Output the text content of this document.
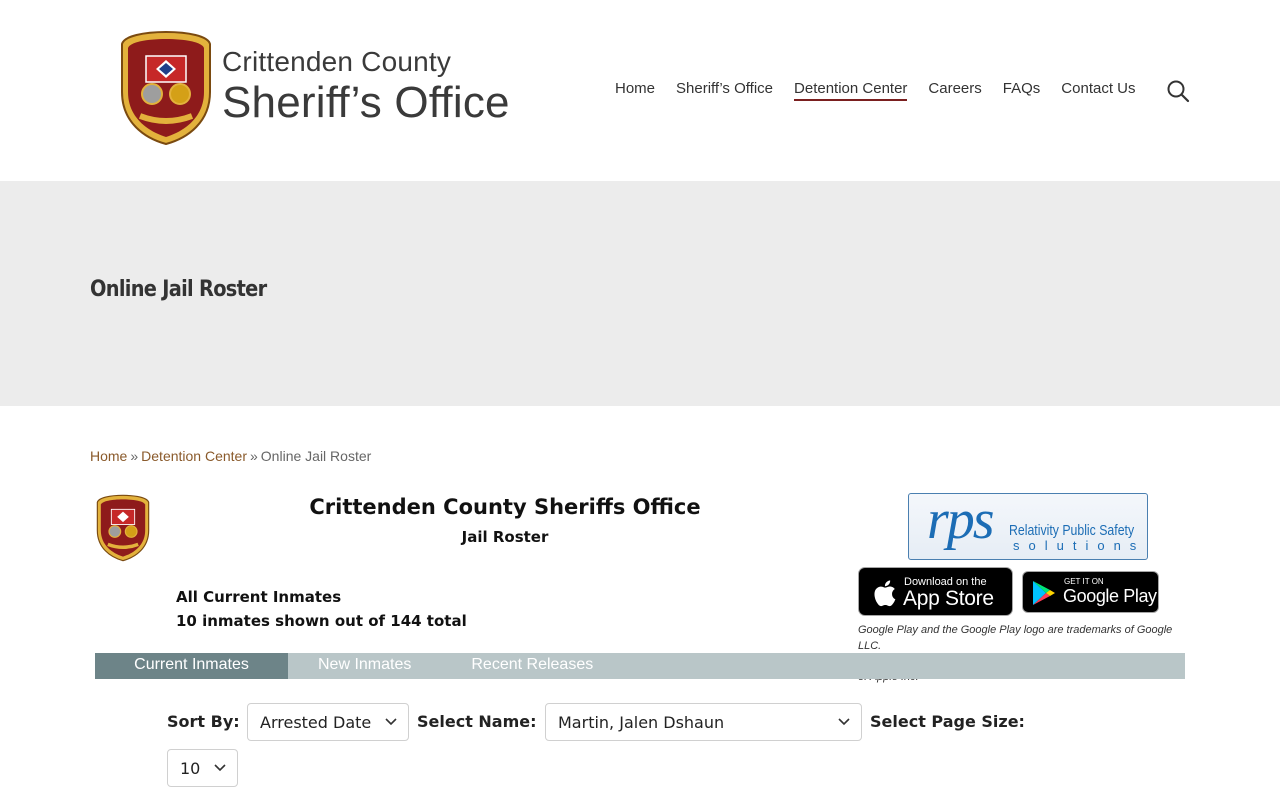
Crittenden County
Sheriff’s Office	Home Sheriff’s Office Detention Center Careers FAQs Contact Us
Online Jail Roster
Home » Detention Center » Online Jail Roster
Crittenden County Sheriffs Office
Jail Roster	rps Relativity Public Safety
solutions
Download on the
App Store
GET IT ON
Google Play
Google Play and the Google Play logo are trademarks of Google LLC.
All Current Inmates
10 inmates shown out of 144 total
Current Inmates	New Inmates	Recent Releases
Sort By:	Arrested Date	Select Name:	Martin, Jalen Dshaun	Select Page Size:
10
